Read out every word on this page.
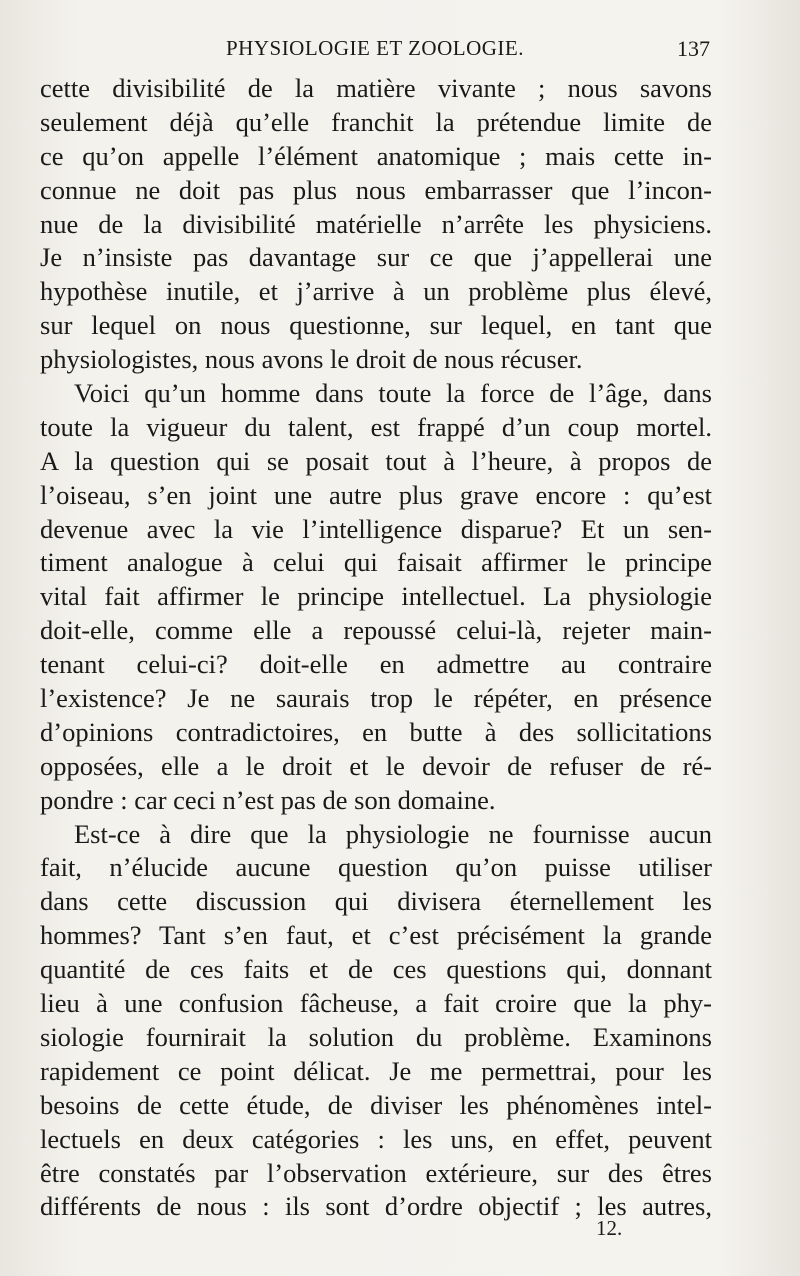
PHYSIOLOGIE ET ZOOLOGIE.	137
cette divisibilité de la matière vivante ; nous savons
seulement déjà qu’elle franchit la prétendue limite de
ce qu’on appelle l’élément anatomique ; mais cette in-
connue ne doit pas plus nous embarrasser que l’incon-
nue de la divisibilité matérielle n’arrête les physiciens.
Je n’insiste pas davantage sur ce que j’appellerai une
hypothèse inutile, et j’arrive à un problème plus élevé,
sur lequel on nous questionne, sur lequel, en tant que
physiologistes, nous avons le droit de nous récuser.
Voici qu’un homme dans toute la force de l’âge, dans
toute la vigueur du talent, est frappé d’un coup mortel.
A la question qui se posait tout à l’heure, à propos de
l’oiseau, s’en joint une autre plus grave encore : qu’est
devenue avec la vie l’intelligence disparue? Et un sen-
timent analogue à celui qui faisait affirmer le principe
vital fait affirmer le principe intellectuel. La physiologie
doit-elle, comme elle a repoussé celui-là, rejeter main-
tenant celui-ci? doit-elle en admettre au contraire
l’existence? Je ne saurais trop le répéter, en présence
d’opinions contradictoires, en butte à des sollicitations
opposées, elle a le droit et le devoir de refuser de ré-
pondre : car ceci n’est pas de son domaine.
Est-ce à dire que la physiologie ne fournisse aucun
fait, n’élucide aucune question qu’on puisse utiliser
dans cette discussion qui divisera éternellement les
hommes? Tant s’en faut, et c’est précisément la grande
quantité de ces faits et de ces questions qui, donnant
lieu à une confusion fâcheuse, a fait croire que la phy-
siologie fournirait la solution du problème. Examinons
rapidement ce point délicat. Je me permettrai, pour les
besoins de cette étude, de diviser les phénomènes intel-
lectuels en deux catégories : les uns, en effet, peuvent
être constatés par l’observation extérieure, sur des êtres
différents de nous : ils sont d’ordre objectif ; les autres,
12.
